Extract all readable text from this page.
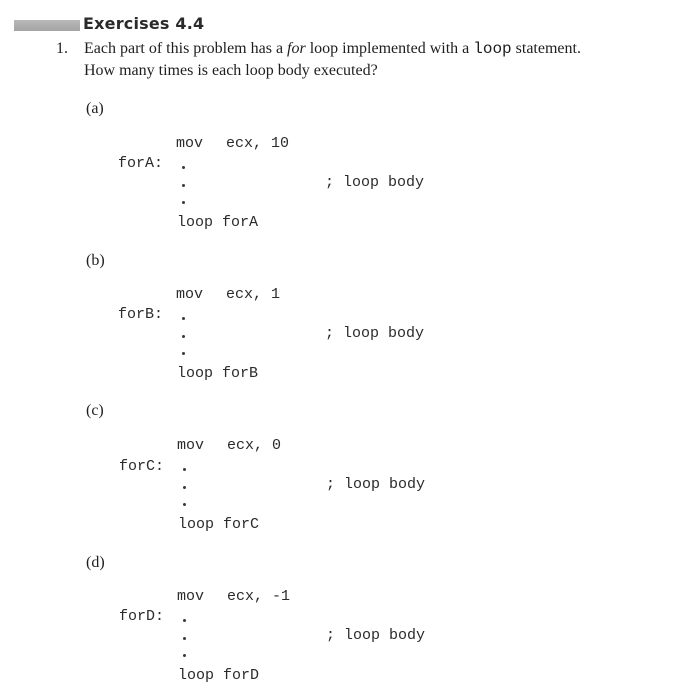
Exercises 4.4
1. Each part of this problem has a for loop implemented with a loop statement.
How many times is each loop body executed?
(a)
mov ecx, 10
forA:
; loop body
loop forA
(b)
mov ecx, 1
forB:
; loop body
loop forB
(c)
mov ecx, 0
forC:
; loop body
loop forC
(d)
mov ecx, -1
forD:
; loop body
loop forD
